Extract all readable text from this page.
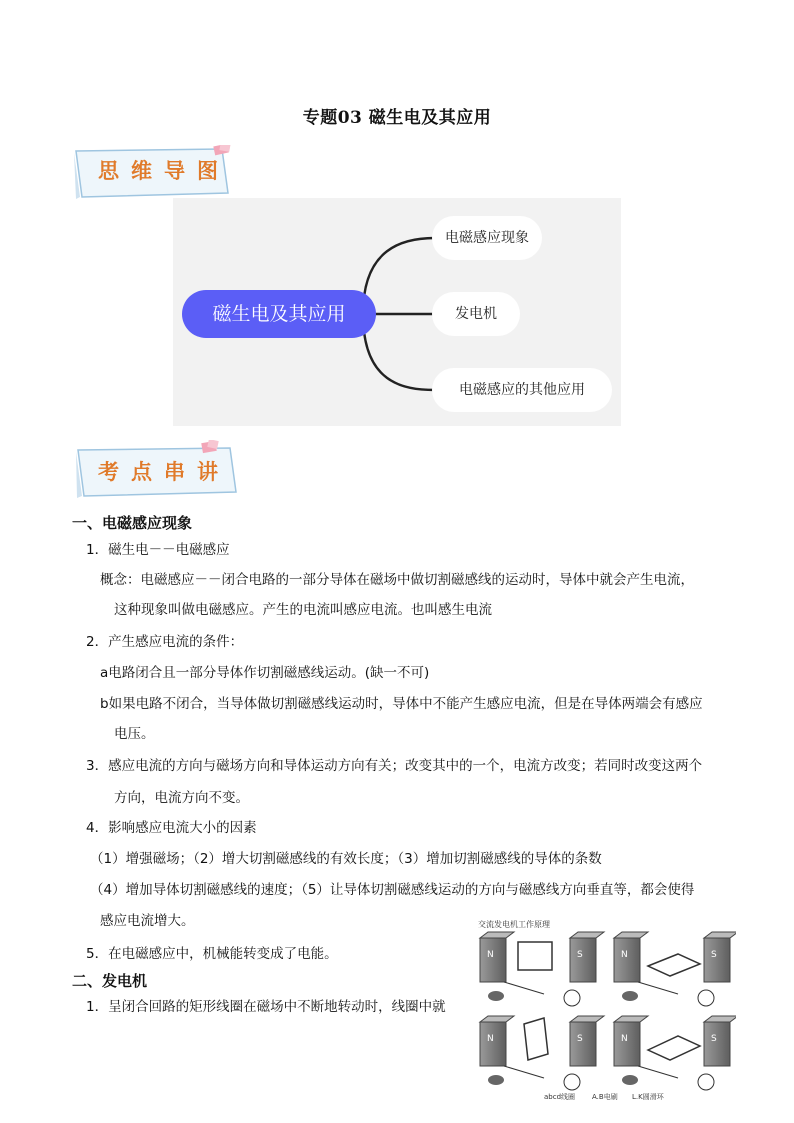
专题03 磁生电及其应用
思维导图
磁生电及其应用
电磁感应现象
发电机
电磁感应的其他应用
考点串讲
一、电磁感应现象
1．磁生电－－电磁感应
概念：电磁感应－－闭合电路的一部分导体在磁场中做切割磁感线的运动时，导体中就会产生电流，
这种现象叫做电磁感应。产生的电流叫感应电流。也叫感生电流
2．产生感应电流的条件：
a电路闭合且一部分导体作切割磁感线运动。(缺一不可)
b如果电路不闭合，当导体做切割磁感线运动时，导体中不能产生感应电流，但是在导体两端会有感应
电压。
3．感应电流的方向与磁场方向和导体运动方向有关；改变其中的一个，电流方改变；若同时改变这两个
方向，电流方向不变。
4．影响感应电流大小的因素
（1）增强磁场；（2）增大切割磁感线的有效长度；（3）增加切割磁感线的导体的条数
（4）增加导体切割磁感线的速度；（5）让导体切割磁感线运动的方向与磁感线方向垂直等，都会使得
感应电流增大。
5．在电磁感应中，机械能转变成了电能。
二、发电机
1．呈闭合回路的矩形线圈在磁场中不断地转动时，线圈中就
交流发电机工作原理
N	S	N	S
N	S	N	S
abcd线圈 A.B电刷 L.K圆滑环
